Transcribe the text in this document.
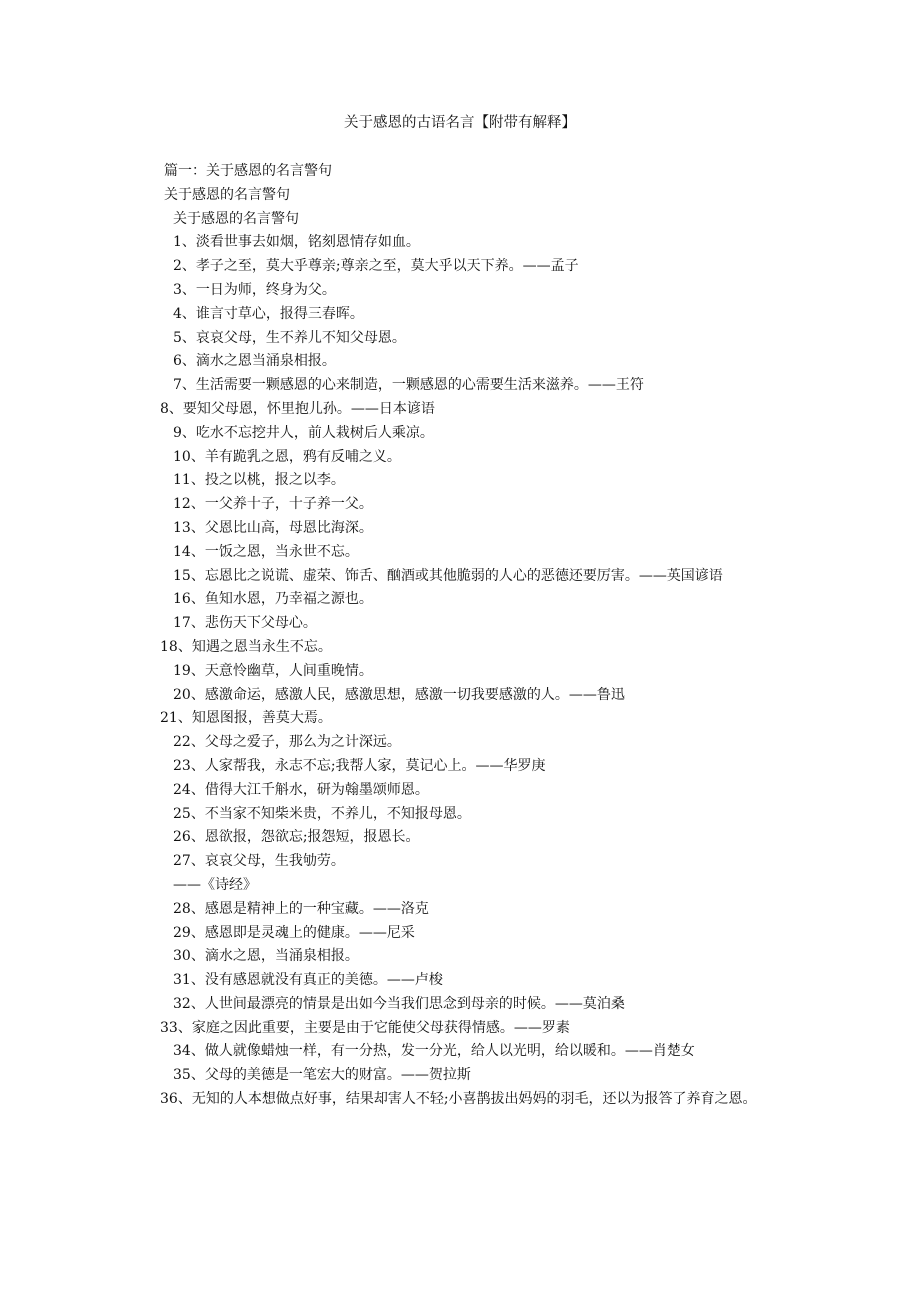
关于感恩的古语名言【附带有解释】
篇一：关于感恩的名言警句
关于感恩的名言警句
关于感恩的名言警句
1、淡看世事去如烟，铭刻恩情存如血。
2、孝子之至，莫大乎尊亲;尊亲之至，莫大乎以天下养。——孟子
3、一日为师，终身为父。
4、谁言寸草心，报得三春晖。
5、哀哀父母，生不养儿不知父母恩。
6、滴水之恩当涌泉相报。
7、生活需要一颗感恩的心来制造，一颗感恩的心需要生活来滋养。——王符
8、要知父母恩，怀里抱儿孙。——日本谚语
9、吃水不忘挖井人，前人栽树后人乘凉。
10、羊有跪乳之恩，鸦有反哺之义。
11、投之以桃，报之以李。
12、一父养十子，十子养一父。
13、父恩比山高，母恩比海深。
14、一饭之恩，当永世不忘。
15、忘恩比之说谎、虚荣、饰舌、酗酒或其他脆弱的人心的恶德还要厉害。——英国谚语
16、鱼知水恩，乃幸福之源也。
17、悲伤天下父母心。
18、知遇之恩当永生不忘。
19、天意怜幽草，人间重晚情。
20、感激命运，感激人民，感激思想，感激一切我要感激的人。——鲁迅
21、知恩图报，善莫大焉。
22、父母之爱子，那么为之计深远。
23、人家帮我，永志不忘;我帮人家，莫记心上。——华罗庚
24、借得大江千斛水，研为翰墨颂师恩。
25、不当家不知柴米贵，不养儿，不知报母恩。
26、恩欲报，怨欲忘;报怨短，报恩长。
27、哀哀父母，生我劬劳。
——《诗经》
28、感恩是精神上的一种宝藏。——洛克
29、感恩即是灵魂上的健康。——尼采
30、滴水之恩，当涌泉相报。
31、没有感恩就没有真正的美德。——卢梭
32、人世间最漂亮的情景是出如今当我们思念到母亲的时候。——莫泊桑
33、家庭之因此重要，主要是由于它能使父母获得情感。——罗素
34、做人就像蜡烛一样，有一分热，发一分光，给人以光明，给以暖和。——肖楚女
35、父母的美德是一笔宏大的财富。——贺拉斯
36、无知的人本想做点好事，结果却害人不轻;小喜鹊拔出妈妈的羽毛，还以为报答了养育之恩。
